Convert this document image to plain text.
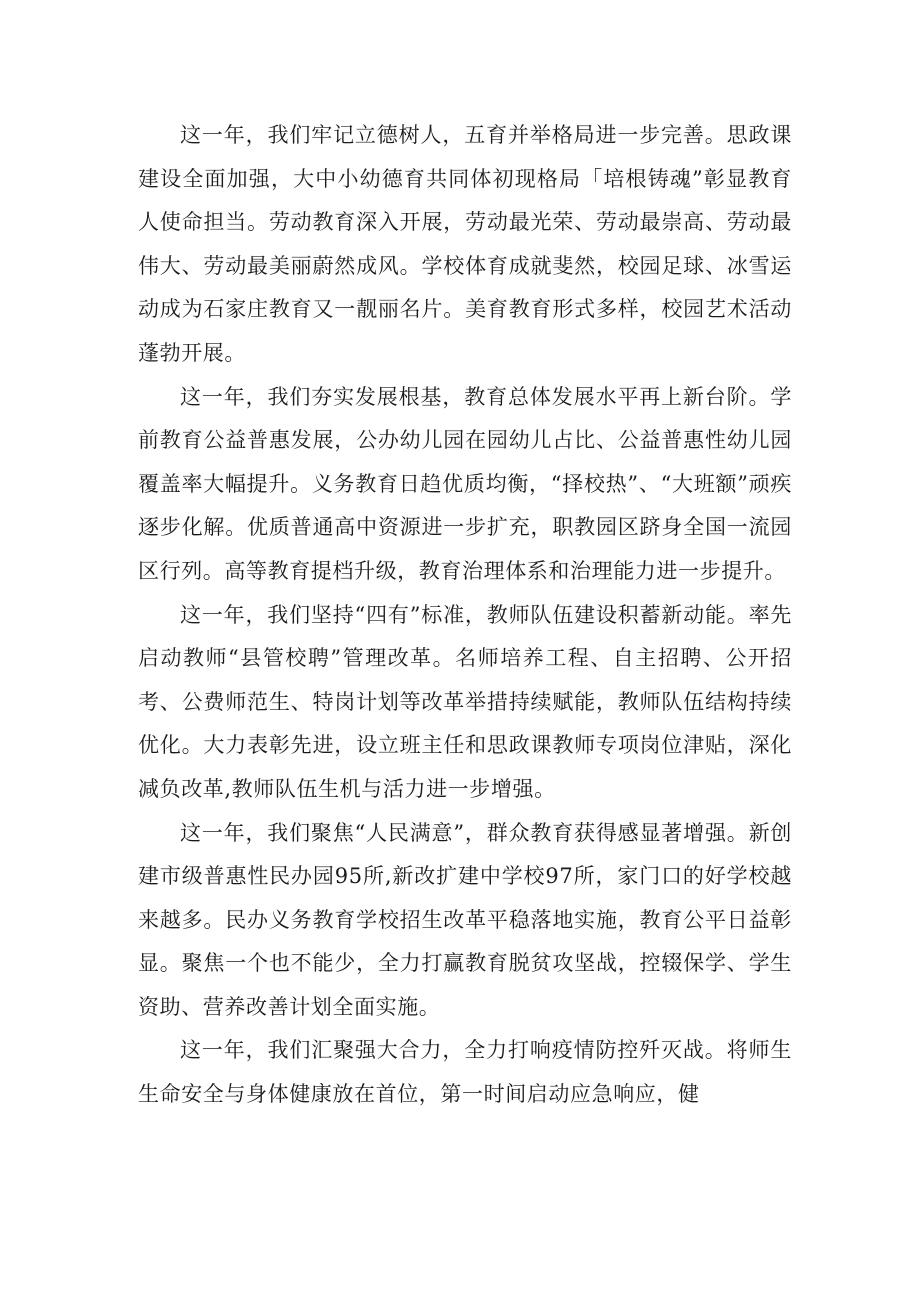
这一年，我们牢记立德树人，五育并举格局进一步完善。思政课建设全面加强，大中小幼德育共同体初现格局「培根铸魂”彰显教育人使命担当。劳动教育深入开展，劳动最光荣、劳动最崇高、劳动最伟大、劳动最美丽蔚然成风。学校体育成就斐然，校园足球、冰雪运动成为石家庄教育又一靓丽名片。美育教育形式多样，校园艺术活动蓬勃开展。

这一年，我们夯实发展根基，教育总体发展水平再上新台阶。学前教育公益普惠发展，公办幼儿园在园幼儿占比、公益普惠性幼儿园覆盖率大幅提升。义务教育日趋优质均衡，“择校热”、“大班额”顽疾逐步化解。优质普通高中资源进一步扩充，职教园区跻身全国一流园区行列。高等教育提档升级，教育治理体系和治理能力进一步提升。

这一年，我们坚持“四有”标准，教师队伍建设积蓄新动能。率先启动教师“县管校聘”管理改革。名师培养工程、自主招聘、公开招考、公费师范生、特岗计划等改革举措持续赋能，教师队伍结构持续优化。大力表彰先进，设立班主任和思政课教师专项岗位津贴，深化减负改革,教师队伍生机与活力进一步增强。

这一年，我们聚焦“人民满意”，群众教育获得感显著增强。新创建市级普惠性民办园95所,新改扩建中学校97所，家门口的好学校越来越多。民办义务教育学校招生改革平稳落地实施，教育公平日益彰显。聚焦一个也不能少，全力打赢教育脱贫攻坚战，控辍保学、学生资助、营养改善计划全面实施。

这一年，我们汇聚强大合力，全力打响疫情防控歼灭战。将师生生命安全与身体健康放在首位，第一时间启动应急响应，健
